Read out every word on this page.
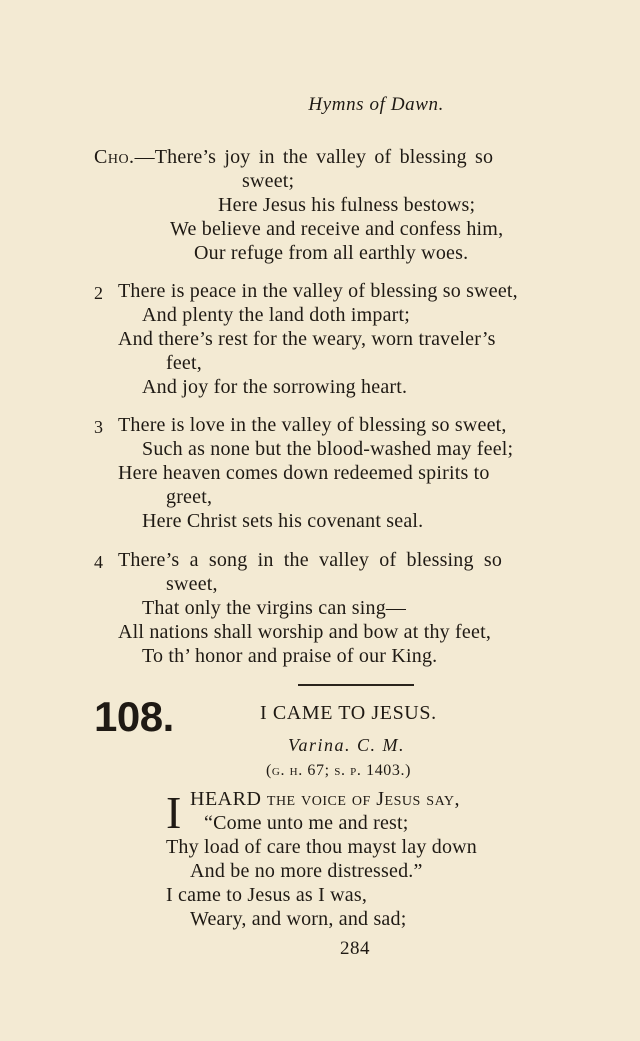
Hymns of Dawn.
Cho.—There’s joy in the valley of blessing so
sweet;
Here Jesus his fulness bestows;
We believe and receive and confess him,
Our refuge from all earthly woes.
2 There is peace in the valley of blessing so sweet,
And plenty the land doth impart;
And there’s rest for the weary, worn traveler’s
feet,
And joy for the sorrowing heart.
3 There is love in the valley of blessing so sweet,
Such as none but the blood-washed may feel;
Here heaven comes down redeemed spirits to
greet,
Here Christ sets his covenant seal.
4 There’s a song in the valley of blessing so
sweet,
That only the virgins can sing—
All nations shall worship and bow at thy feet,
To th’ honor and praise of our King.
108.	I CAME TO JESUS.
Varina. C. M.
(g. h. 67; s. p. 1403.)
I HEARD the voice of Jesus say,
“Come unto me and rest;
Thy load of care thou mayst lay down
And be no more distressed.”
I came to Jesus as I was,
Weary, and worn, and sad;
284
